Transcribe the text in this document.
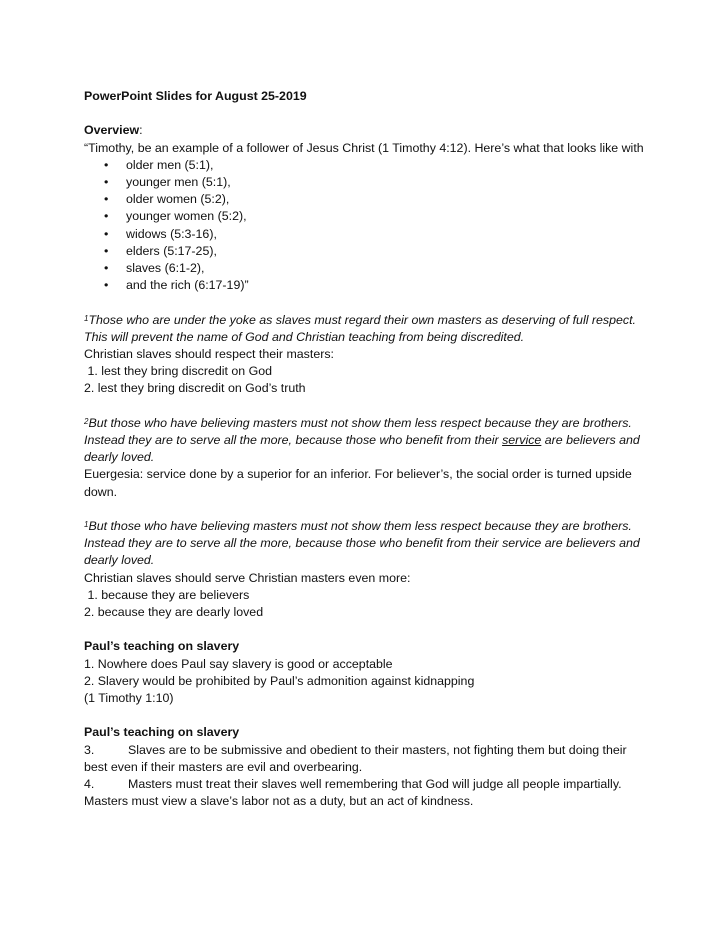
PowerPoint Slides for August 25-2019

Overview:

“Timothy, be an example of a follower of Jesus Christ (1 Timothy 4:12). Here’s what that looks like with

• older men (5:1),
• younger men (5:1),
• older women (5:2),
• younger women (5:2),
• widows (5:3-16),
• elders (5:17-25),
• slaves (6:1-2),
• and the rich (6:17-19)”

$^1$Those who are under the yoke as slaves must regard their own masters as deserving of full respect. This will prevent the name of God and Christian teaching from being discredited.

Christian slaves should respect their masters:

1. lest they bring discredit on God

2. lest they bring discredit on God’s truth

$^2$But those who have believing masters must not show them less respect because they are brothers. Instead they are to serve all the more, because those who benefit from their service are believers and dearly loved.

Euergesia: service done by a superior for an inferior. For believer’s, the social order is turned upside down.

$^1$But those who have believing masters must not show them less respect because they are brothers. Instead they are to serve all the more, because those who benefit from their service are believers and dearly loved.

Christian slaves should serve Christian masters even more:

1. because they are believers

2. because they are dearly loved

Paul’s teaching on slavery

1. Nowhere does Paul say slavery is good or acceptable

2. Slavery would be prohibited by Paul’s admonition against kidnapping

(1 Timothy 1:10)

Paul’s teaching on slavery

3.	Slaves are to be submissive and obedient to their masters, not fighting them but doing their best even if their masters are evil and overbearing.

4.	Masters must treat their slaves well remembering that God will judge all people impartially. Masters must view a slave’s labor not as a duty, but an act of kindness.
